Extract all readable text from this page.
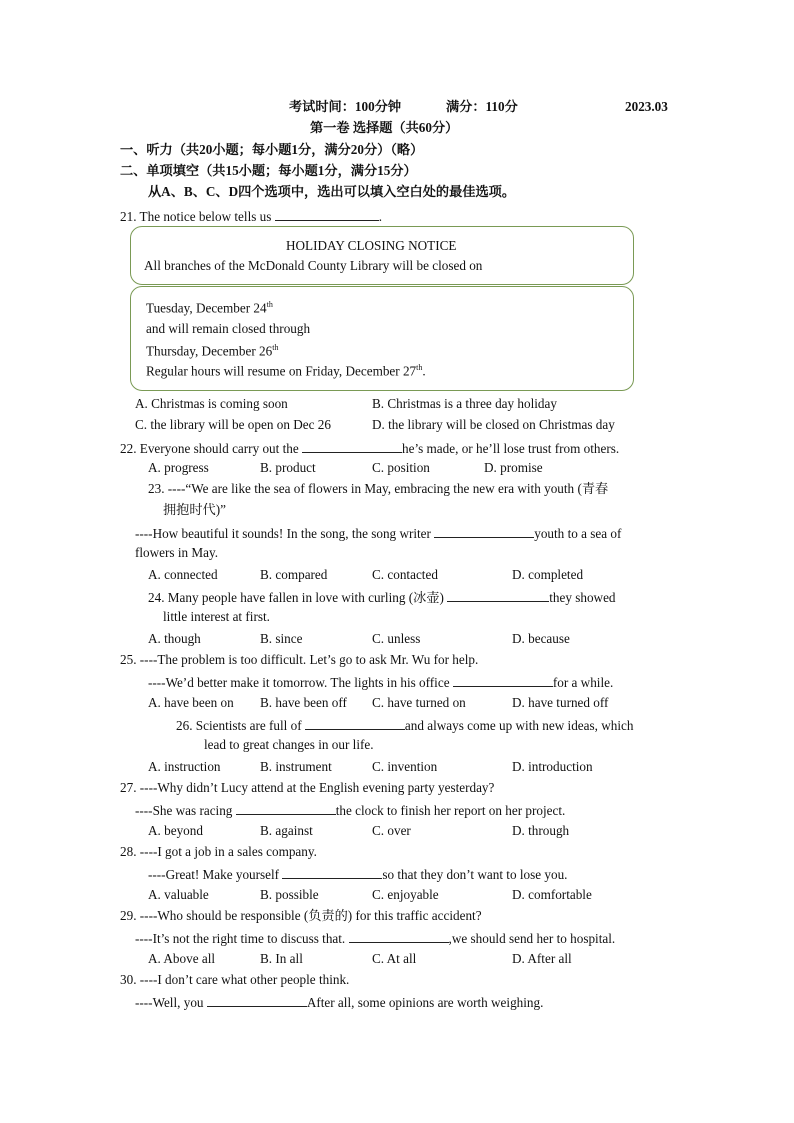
考试时间：100分钟	满分：110分	2023.03
第一卷 选择题（共60分）
一、听力（共20小题；每小题1分，满分20分）（略）
二、单项填空（共15小题；每小题1分，满分15分）
从A、B、C、D四个选项中，选出可以填入空白处的最佳选项。
21. The notice below tells us	.
HOLIDAY CLOSING NOTICE
All branches of the McDonald County Library will be closed on
Tuesday, December 24th
and will remain closed through
Thursday, December 26th
Regular hours will resume on Friday, December 27th.
A. Christmas is coming soon	B. Christmas is a three day holiday
C. the library will be open on Dec 26	D. the library will be closed on Christmas day
22. Everyone should carry out the	he’s made, or he’ll lose trust from others.
A. progress	B. product	C. position	D. promise
23. ----“We are like the sea of flowers in May, embracing the new era with youth (青春
拥抱时代)”
----How beautiful it sounds! In the song, the song writer	youth to a sea of
flowers in May.
A. connected	B. compared	C. contacted	D. completed
24. Many people have fallen in love with curling (冰壶)	they showed
little interest at first.
A. though	B. since	C. unless	D. because
25. ----The problem is too difficult. Let’s go to ask Mr. Wu for help.
----We’d better make it tomorrow. The lights in his office	for a while.
A. have been on B. have been off C. have turned on	D. have turned off
26. Scientists are full of	and always come up with new ideas, which
lead to great changes in our life.
A. instruction	B. instrument	C. invention	D. introduction
27. ----Why didn’t Lucy attend at the English evening party yesterday?
----She was racing	the clock to finish her report on her project.
A. beyond	B. against	C. over	D. through
28. ----I got a job in a sales company.
----Great! Make yourself	so that they don’t want to lose you.
A. valuable	B. possible	C. enjoyable	D. comfortable
29. ----Who should be responsible (负责的) for this traffic accident?
----It’s not the right time to discuss that.	,we should send her to hospital.
A. Above all	B. In all	C. At all	D. After all
30. ----I don’t care what other people think.
----Well, you	After all, some opinions are worth weighing.
